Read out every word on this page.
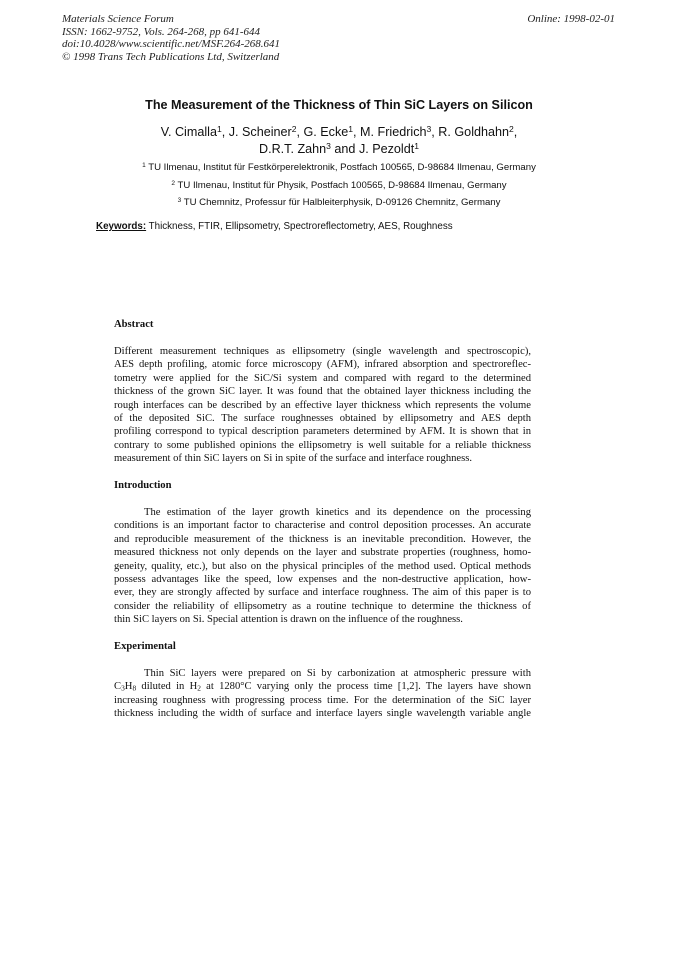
Materials Science Forum
ISSN: 1662-9752, Vols. 264-268, pp 641-644
doi:10.4028/www.scientific.net/MSF.264-268.641
© 1998 Trans Tech Publications Ltd, Switzerland
Online: 1998-02-01
The Measurement of the Thickness of Thin SiC Layers on Silicon
V. Cimalla$^1$, J. Scheiner$^2$, G. Ecke$^1$, M. Friedrich$^3$, R. Goldhahn$^2$,
D.R.T. Zahn$^3$ and J. Pezoldt$^1$
$^1$ TU Ilmenau, Institut für Festkörperelektronik, Postfach 100565, D-98684 Ilmenau, Germany
$^2$ TU Ilmenau, Institut für Physik, Postfach 100565, D-98684 Ilmenau, Germany
$^3$ TU Chemnitz, Professur für Halbleiterphysik, D-09126 Chemnitz, Germany
Keywords: Thickness, FTIR, Ellipsometry, Spectroreflectometry, AES, Roughness
Abstract
Different measurement techniques as ellipsometry (single wavelength and spectroscopic),
AES depth profiling, atomic force microscopy (AFM), infrared absorption and spectroreflec-
tometry were applied for the SiC/Si system and compared with regard to the determined
thickness of the grown SiC layer. It was found that the obtained layer thickness including the
rough interfaces can be described by an effective layer thickness which represents the volume
of the deposited SiC. The surface roughnesses obtained by ellipsometry and AES depth
profiling correspond to typical description parameters determined by AFM. It is shown that in
contrary to some published opinions the ellipsometry is well suitable for a reliable thickness
measurement of thin SiC layers on Si in spite of the surface and interface roughness.
Introduction
The estimation of the layer growth kinetics and its dependence on the processing
conditions is an important factor to characterise and control deposition processes. An accurate
and reproducible measurement of the thickness is an inevitable precondition. However, the
measured thickness not only depends on the layer and substrate properties (roughness, homo-
geneity, quality, etc.), but also on the physical principles of the method used. Optical methods
possess advantages like the speed, low expenses and the non-destructive application, how-
ever, they are strongly affected by surface and interface roughness. The aim of this paper is to
consider the reliability of ellipsometry as a routine technique to determine the thickness of
thin SiC layers on Si. Special attention is drawn on the influence of the roughness.
Experimental
Thin SiC layers were prepared on Si by carbonization at atmospheric pressure with
$C_3H_8$ diluted in $H_2$ at 1280°C varying only the process time [1,2]. The layers have shown
increasing roughness with progressing process time. For the determination of the SiC layer
thickness including the width of surface and interface layers single wavelength variable angle
